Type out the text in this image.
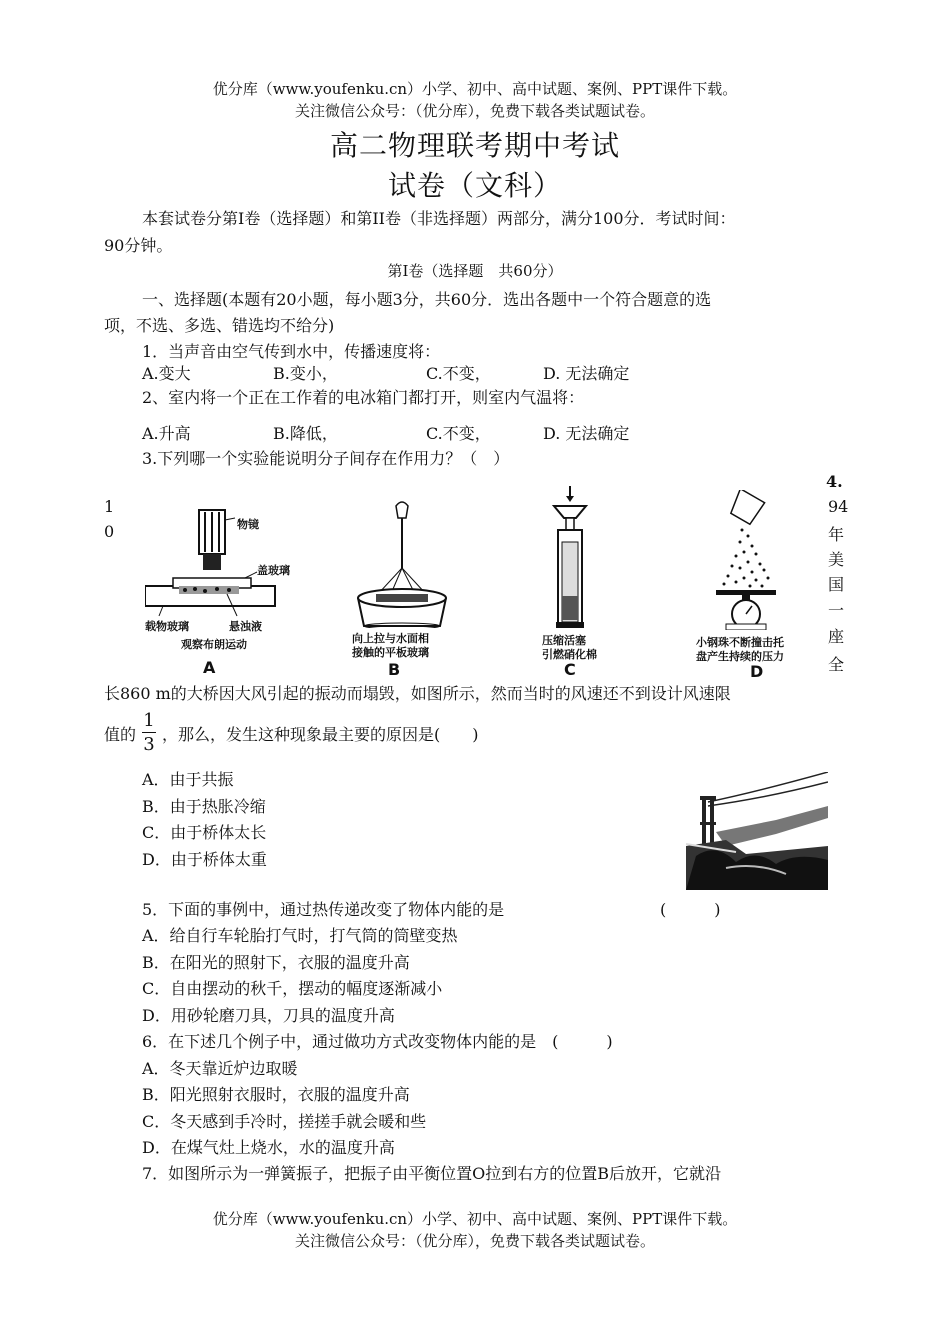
优分库（www.youfenku.cn）小学、初中、高中试题、案例、PPT课件下载。
关注微信公众号：（优分库），免费下载各类试题试卷。
高二物理联考期中考试
试卷（文科）
本套试卷分第I卷（选择题）和第II卷（非选择题）两部分，满分100分．考试时间：
90分钟。
第Ⅰ卷（选择题　共60分）
一、选择题(本题有20小题，每小题3分，共60分．选出各题中一个符合题意的选
项，不选、多选、错选均不给分)
1．当声音由空气传到水中，传播速度将：
A.变大	B.变小，	C.不变，	D. 无法确定
2、室内将一个正在工作着的电冰箱门都打开，则室内气温将：
A.升高	B.降低，	C.不变，	D. 无法确定
3.下列哪一个实验能说明分子间存在作用力？（　）
4.
1
0
94
年
美
国
一
座
全
物镜
盖玻璃
载物玻璃	悬浊液
观察布朗运动
A
向上拉与水面相
接触的平板玻璃
B
压缩活塞
引燃硝化棉
C
小钢珠不断撞击托
盘产生持续的压力
D
长860 m的大桥因大风引起的振动而塌毁，如图所示，然而当时的风速还不到设计风速限
值的
1
3 ，那么，发生这种现象最主要的原因是(　　)
A．由于共振
B．由于热胀冷缩
C．由于桥体太长
D．由于桥体太重
5．下面的事例中，通过热传递改变了物体内能的是	(　　　)
A．给自行车轮胎打气时，打气筒的筒壁变热
B．在阳光的照射下，衣服的温度升高
C．自由摆动的秋千，摆动的幅度逐渐减小
D．用砂轮磨刀具，刀具的温度升高
6．在下述几个例子中，通过做功方式改变物体内能的是　(　　　)
A．冬天靠近炉边取暖
B．阳光照射衣服时，衣服的温度升高
C．冬天感到手冷时，搓搓手就会暖和些
D．在煤气灶上烧水，水的温度升高
7．如图所示为一弹簧振子，把振子由平衡位置O拉到右方的位置B后放开，它就沿
优分库（www.youfenku.cn）小学、初中、高中试题、案例、PPT课件下载。
关注微信公众号：（优分库），免费下载各类试题试卷。
